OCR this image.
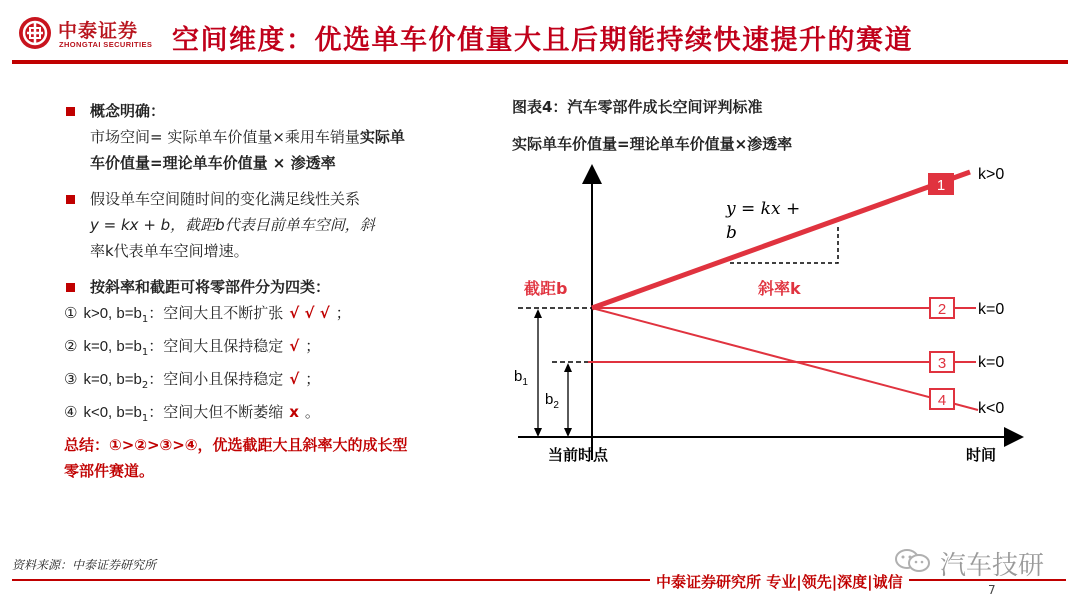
中泰证券
ZHONGTAI SECURITIES 空间维度：优选单车价值量大且后期能持续快速提升的赛道
概念明确：
市场空间= 实际单车价值量×乘用车销量实际单
车价值量=理论单车价值量 × 渗透率
假设单车空间随时间的变化满足线性关系
y = kx + b，截距b代表目前单车空间，斜
率k代表单车空间增速。
按斜率和截距可将零部件分为四类：
① k>0, $b=b_1$：空间大且不断扩张 √ √ √ ；
② k=0, $b=b_1$：空间大且保持稳定 √ ；
③ k=0, $b=b_2$：空间小且保持稳定 √ ；
④ k<0, $b=b_1$：空间大但不断萎缩 x 。
总结：①>②>③>④，优选截距大且斜率大的成长型
零部件赛道。
图表4：汽车零部件成长空间评判标准
实际单车价值量=理论单车价值量×渗透率
$b_1$
$b_2$
y = kx +
b
截距b	斜率k
1
k>0
2 k=0
3 k=0
4 k<0
当前时点	时间
资料来源：中泰证券研究所
中泰证券研究所 专业|领先|深度|诚信
汽车技研
7
